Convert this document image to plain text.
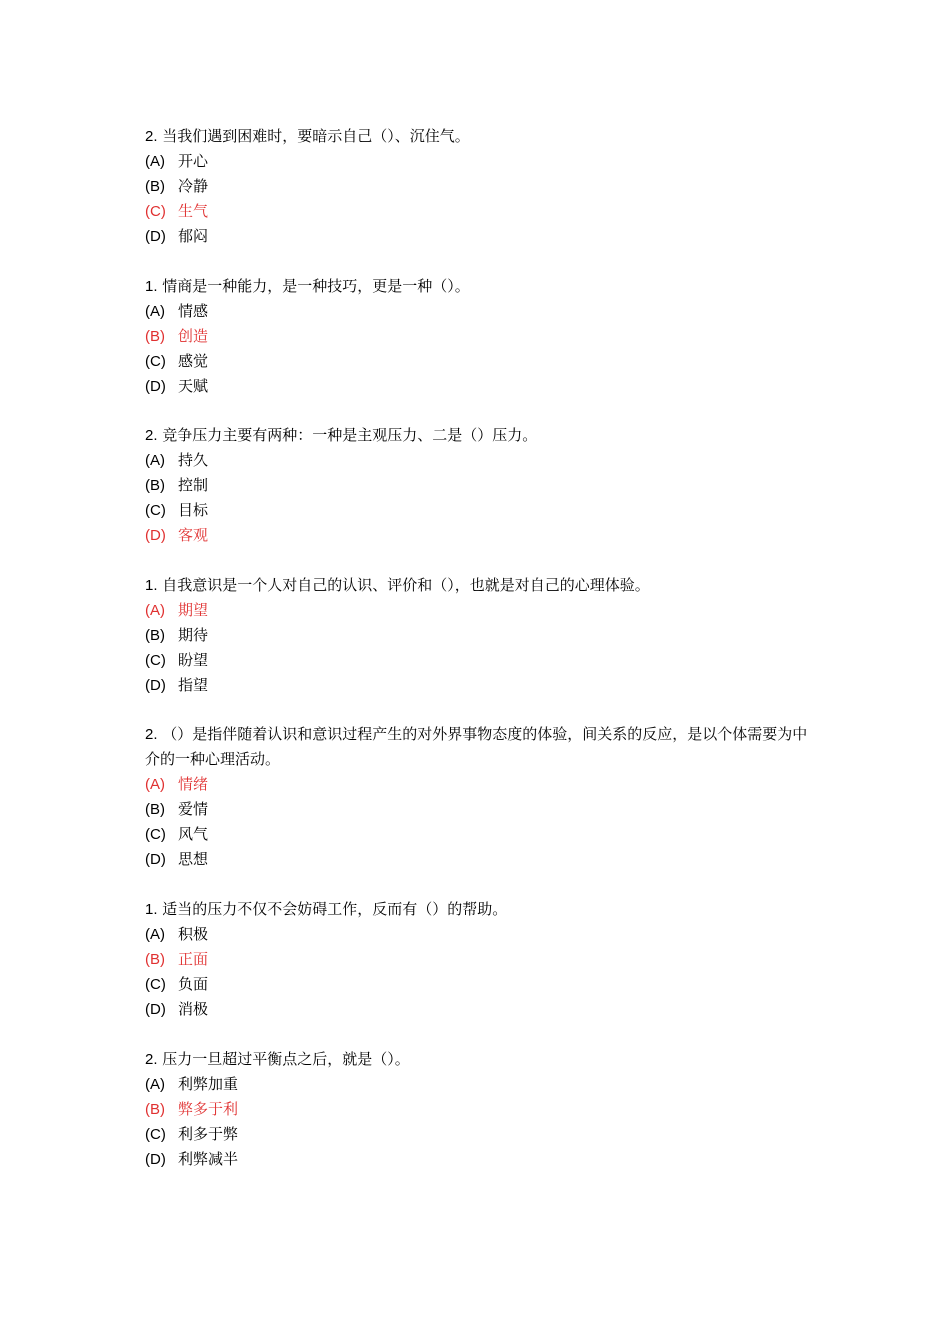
2. 当我们遇到困难时，要暗示自己（）、沉住气。
(A) 开心
(B) 冷静
(C) 生气
(D) 郁闷
1. 情商是一种能力，是一种技巧，更是一种（）。
(A) 情感
(B) 创造
(C) 感觉
(D) 天赋
2. 竞争压力主要有两种：一种是主观压力、二是（）压力。
(A) 持久
(B) 控制
(C) 目标
(D) 客观
1. 自我意识是一个人对自己的认识、评价和（），也就是对自己的心理体验。
(A) 期望
(B) 期待
(C) 盼望
(D) 指望
2. （）是指伴随着认识和意识过程产生的对外界事物态度的体验，间关系的反应，是以个体需要为中介的一种心理活动。
(A) 情绪
(B) 爱情
(C) 风气
(D) 思想
1. 适当的压力不仅不会妨碍工作，反而有（）的帮助。
(A) 积极
(B) 正面
(C) 负面
(D) 消极
2. 压力一旦超过平衡点之后，就是（）。
(A) 利弊加重
(B) 弊多于利
(C) 利多于弊
(D) 利弊减半
